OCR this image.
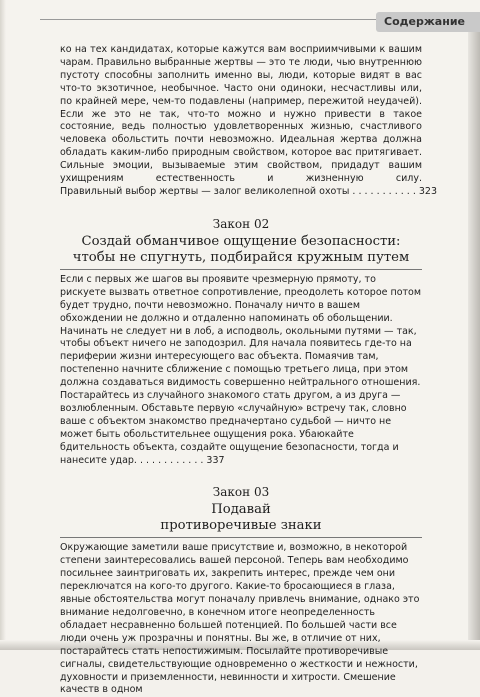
Содержание

ко на тех кандидатах, которые кажутся вам восприимчивыми к вашим чарам. Правильно выбранные жертвы — это те люди, чью внутреннюю пустоту способны заполнить именно вы, люди, которые видят в вас что-то экзотичное, необычное. Часто они одиноки, несчастливы или, по крайней мере, чем-то подавлены (например, пережитой неудачей). Если же это не так, что-то можно и нужно привести в такое состояние, ведь полностью удовлетворенных жизнью, счастливого человека обольстить почти невозможно. Идеальная жертва должна обладать каким-либо природным свойством, которое вас притягивает. Сильные эмоции, вызываемые этим свойством, придадут вашим ухищрениям естественность и жизненную силу. Правильный выбор жертвы — залог великолепной охоты . . . . . . . . . . . 323

Закон 02

Создай обманчивое ощущение безопасности:

чтобы не спугнуть, подбирайся кружным путем

Если с первых же шагов вы проявите чрезмерную прямоту, то рискуете вызвать ответное сопротивление, преодолеть которое потом будет трудно, почти невозможно. Поначалу ничто в вашем обхождении не должно и отдаленно напоминать об обольщении. Начинать не следует ни в лоб, а исподволь, окольными путями — так, чтобы объект ничего не заподозрил. Для начала появитесь где-то на периферии жизни интересующего вас объекта. Помаячив там, постепенно начните сближение с помощью третьего лица, при этом должна создаваться видимость совершенно нейтрального отношения. Постарайтесь из случайного знакомого стать другом, а из друга — возлюбленным. Обставьте первую «случайную» встречу так, словно ваше с объектом знакомство предначертано судьбой — ничто не может быть обольстительнее ощущения рока. Убаюкайте бдительность объекта, создайте ощущение безопасности, тогда и нанесите удар. . . . . . . . . . . . 337

Закон 03

Подавай

противоречивые знаки

Окружающие заметили ваше присутствие и, возможно, в некоторой степени заинтересовались вашей персоной. Теперь вам необходимо посильнее заинтриговать их, закрепить интерес, прежде чем они переключатся на кого-то другого. Какие-то бросающиеся в глаза, явные обстоятельства могут поначалу привлечь внимание, однако это внимание недолговечно, в конечном итоге неопределенность обладает несравненно большей потенцией. По большей части все люди очень уж прозрачны и понятны. Вы же, в отличие от них, постарайтесь стать непостижимым. Посылайте противоречивые сигналы, свидетельствующие одновременно о жесткости и нежности, духовности и приземленности, невинности и хитрости. Смешение качеств в одном
